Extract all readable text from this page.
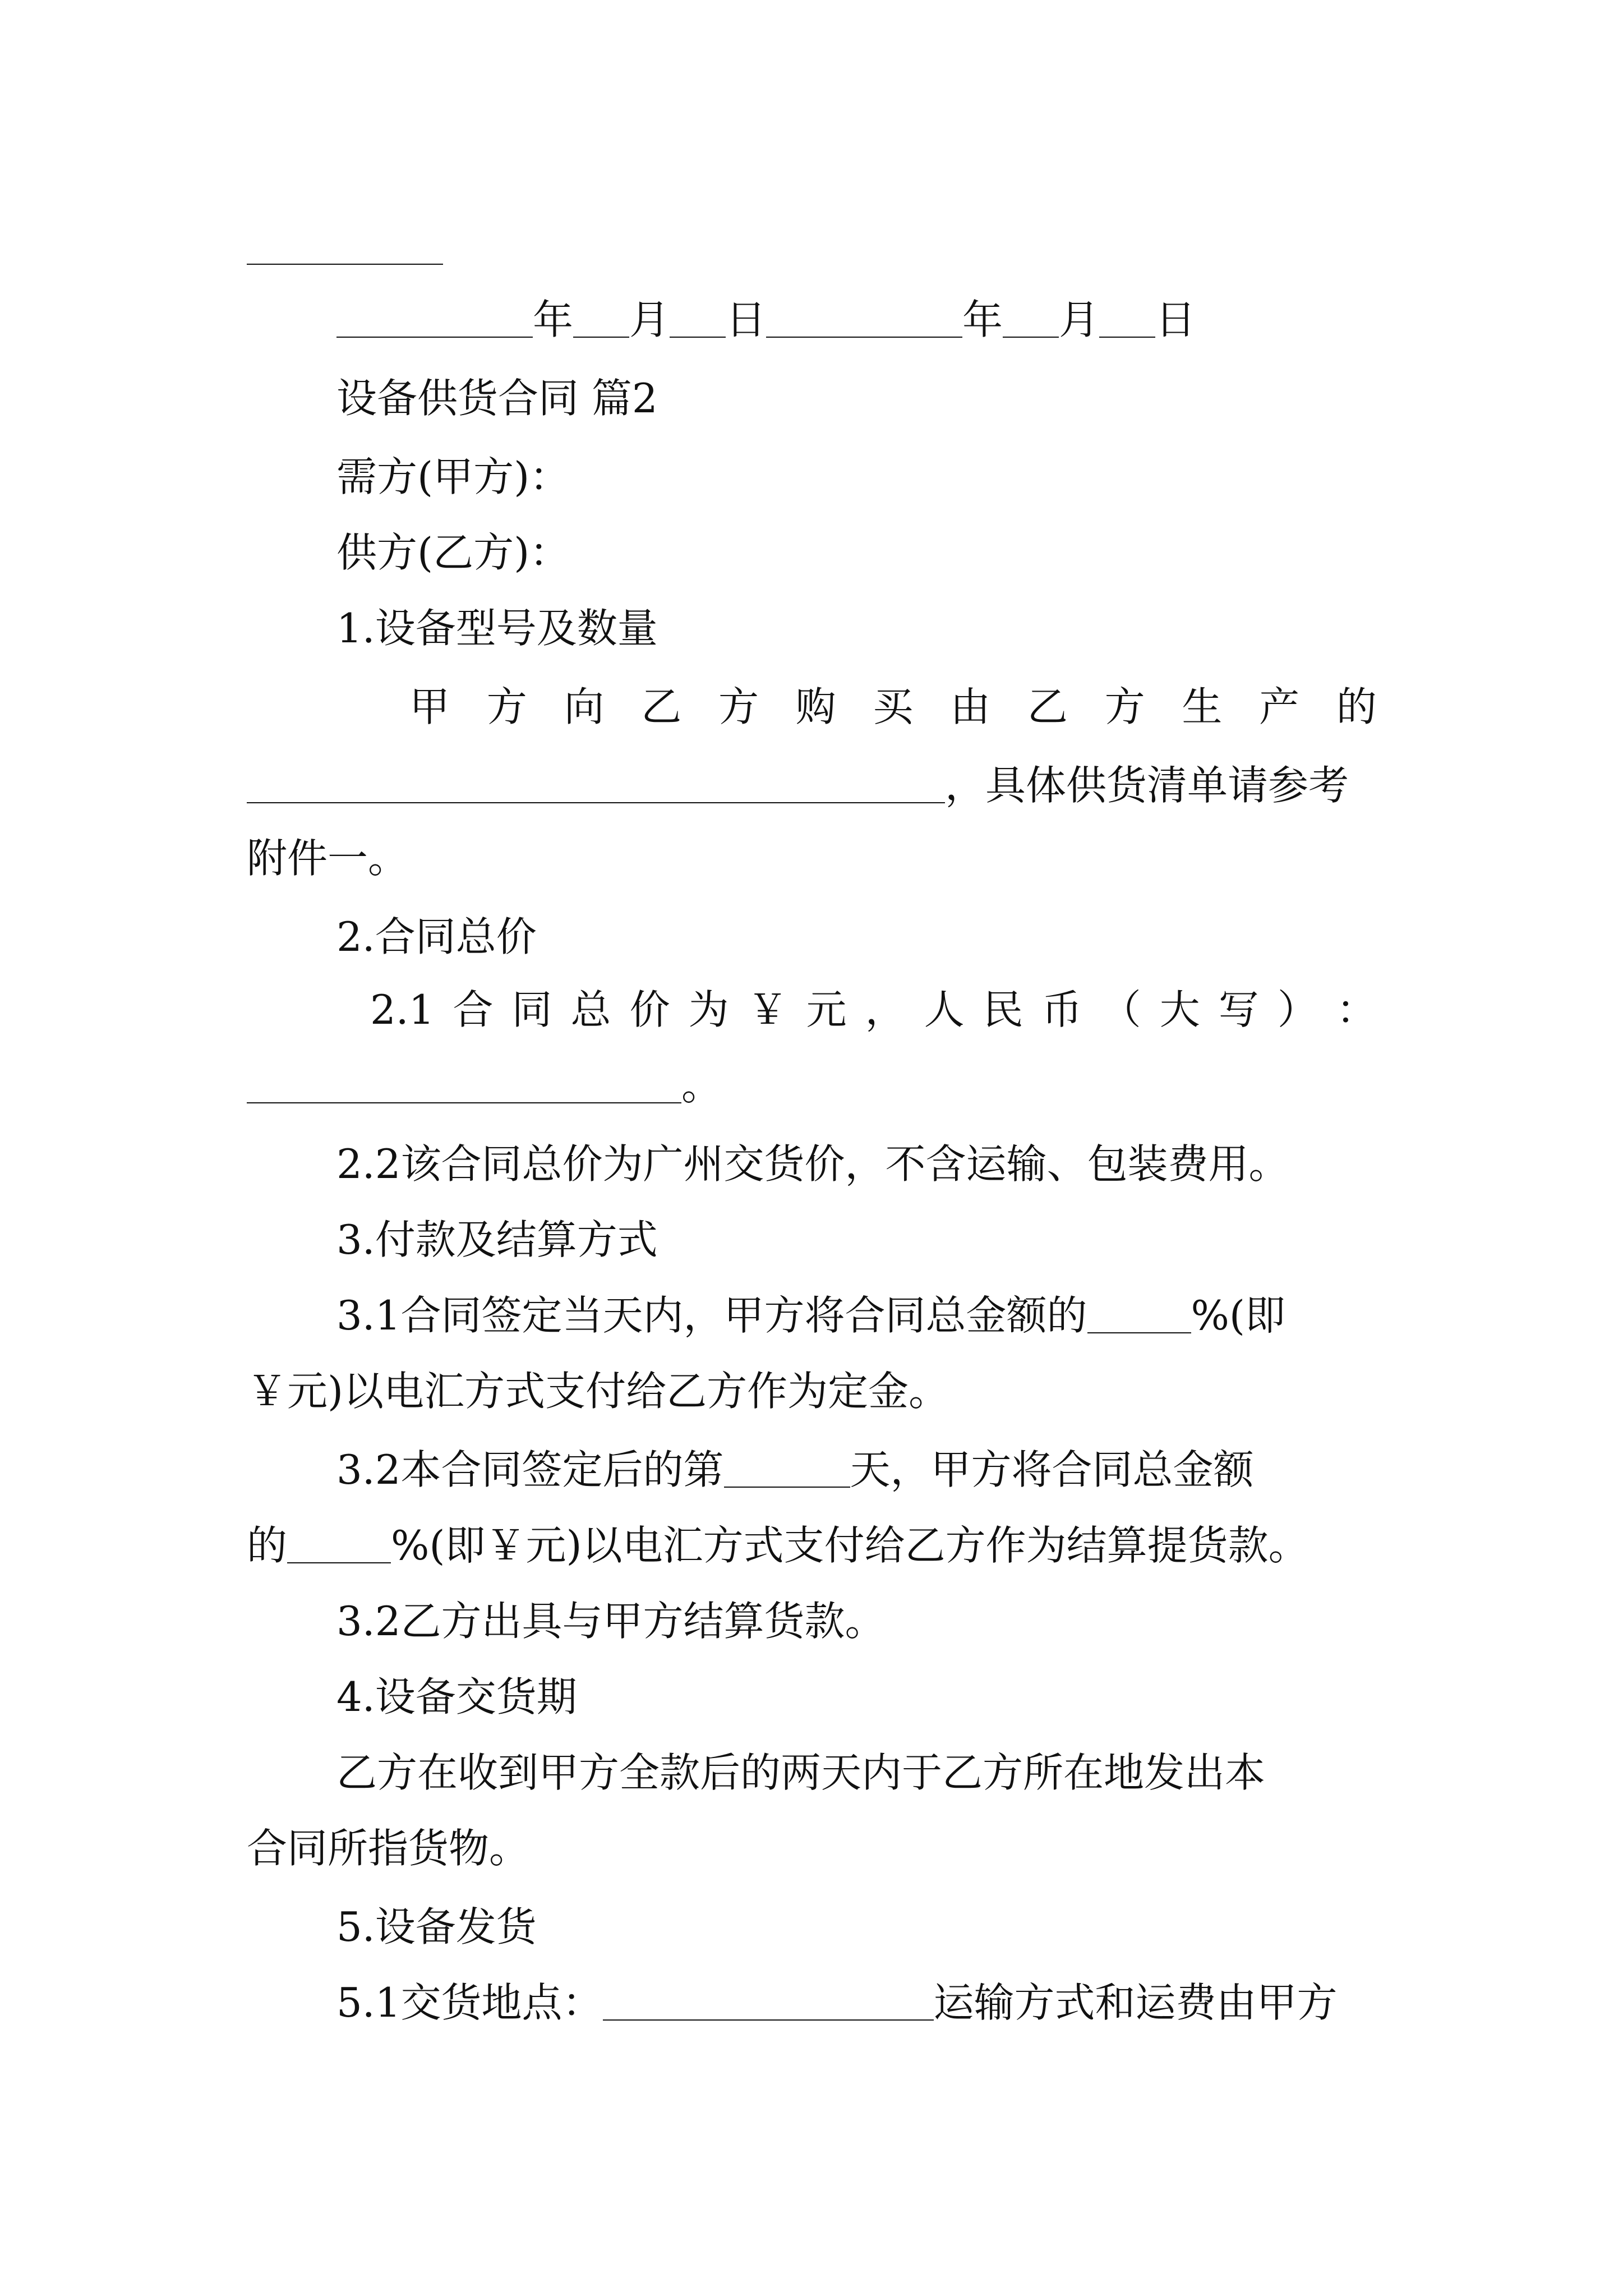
年 月 日	年 月 日
设备供货合同 篇2
需方(甲方)：
供方(乙方)：
1.设备型号及数量
甲 方 向 乙 方 购 买 由 乙 方 生 产 的
，具体供货清单请参考
附件一。
2.合同总价
2.1 合 同 总 价 为 ￥ 元 ， 人 民 币 （ 大 写 ） ：
。
2.2该合同总价为广州交货价，不含运输、包装费用。
3.付款及结算方式
3.1合同签定当天内，甲方将合同总金额的	%(即
￥元)以电汇方式支付给乙方作为定金。
3.2本合同签定后的第	天，甲方将合同总金额
的	%(即￥元)以电汇方式支付给乙方作为结算提货款。
3.2乙方出具与甲方结算货款。
4.设备交货期
乙方在收到甲方全款后的两天内于乙方所在地发出本
合同所指货物。
5.设备发货
5.1交货地点：	运输方式和运费由甲方
